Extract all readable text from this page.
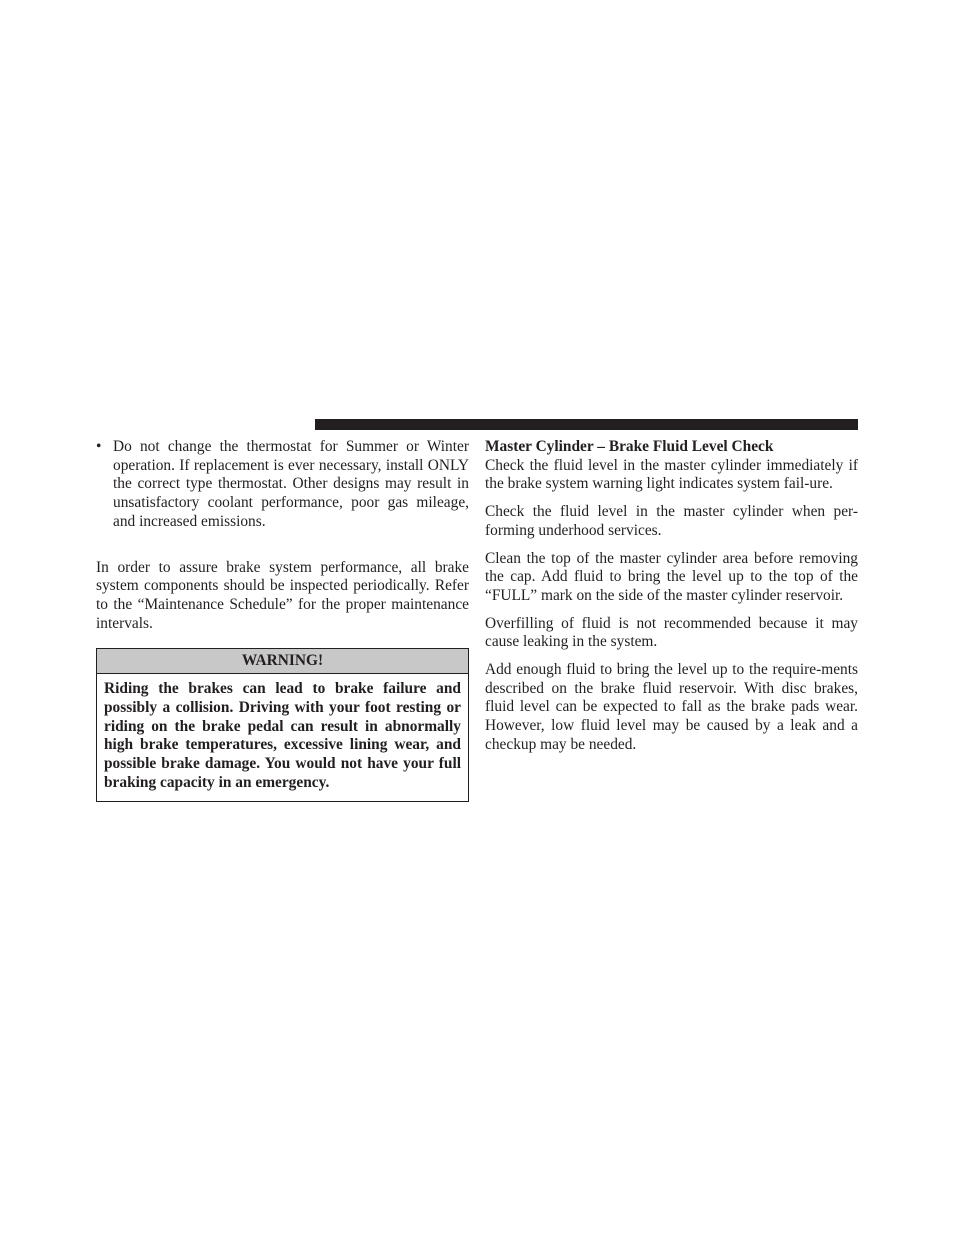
• Do not change the thermostat for Summer or Winter operation. If replacement is ever necessary, install ONLY the correct type thermostat. Other designs may result in unsatisfactory coolant performance, poor gas mileage, and increased emissions.

In order to assure brake system performance, all brake system components should be inspected periodically. Refer to the “Maintenance Schedule” for the proper maintenance intervals.

WARNING!
Riding the brakes can lead to brake failure and possibly a collision. Driving with your foot resting or riding on the brake pedal can result in abnormally high brake temperatures, excessive lining wear, and possible brake damage. You would not have your full braking capacity in an emergency.

Master Cylinder – Brake Fluid Level Check

Check the fluid level in the master cylinder immediately if the brake system warning light indicates system fail-ure.

Check the fluid level in the master cylinder when per-forming underhood services.

Clean the top of the master cylinder area before removing the cap. Add fluid to bring the level up to the top of the “FULL” mark on the side of the master cylinder reservoir.

Overfilling of fluid is not recommended because it may cause leaking in the system.

Add enough fluid to bring the level up to the require-ments described on the brake fluid reservoir. With disc brakes, fluid level can be expected to fall as the brake pads wear. However, low fluid level may be caused by a leak and a checkup may be needed.
